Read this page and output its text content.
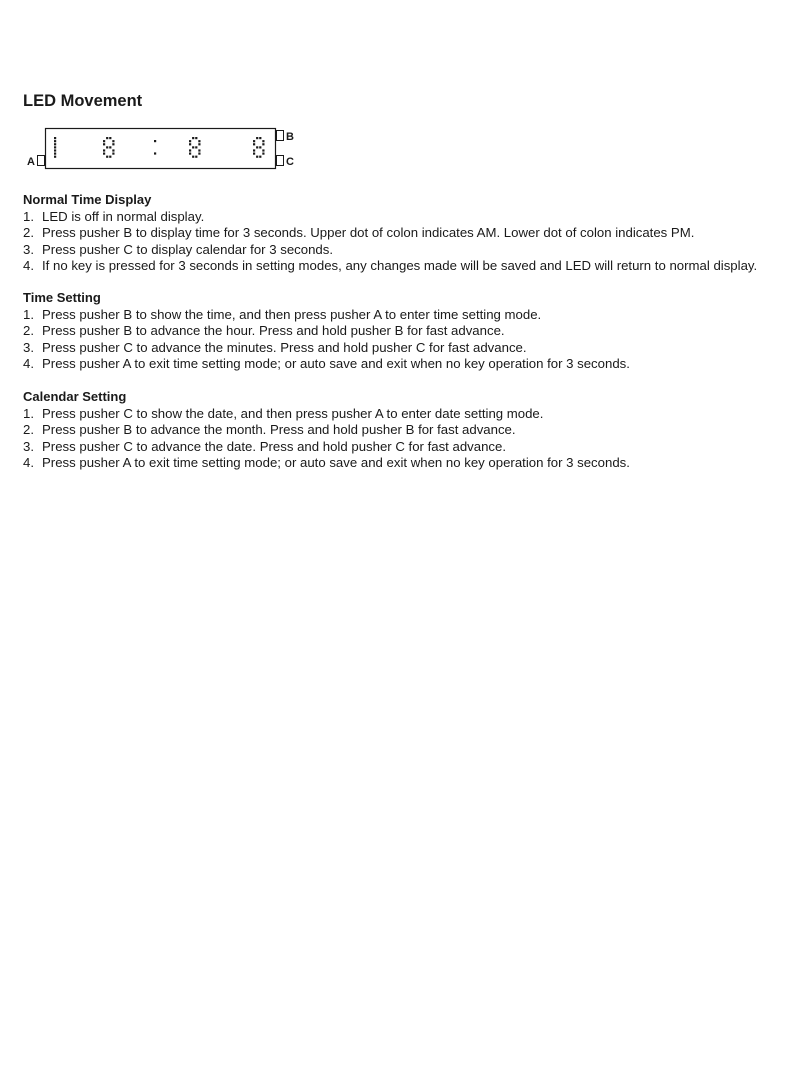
LED Movement
A
B
C
Normal Time Display
1. LED is off in normal display.
2. Press pusher B to display time for 3 seconds. Upper dot of colon indicates AM. Lower dot of colon indicates PM.
3. Press pusher C to display calendar for 3 seconds.
4. If no key is pressed for 3 seconds in setting modes, any changes made will be saved and LED will return to normal display.
Time Setting
1. Press pusher B to show the time, and then press pusher A to enter time setting mode.
2. Press pusher B to advance the hour. Press and hold pusher B for fast advance.
3. Press pusher C to advance the minutes. Press and hold pusher C for fast advance.
4. Press pusher A to exit time setting mode; or auto save and exit when no key operation for 3 seconds.
Calendar Setting
1. Press pusher C to show the date, and then press pusher A to enter date setting mode.
2. Press pusher B to advance the month. Press and hold pusher B for fast advance.
3. Press pusher C to advance the date. Press and hold pusher C for fast advance.
4. Press pusher A to exit time setting mode; or auto save and exit when no key operation for 3 seconds.
